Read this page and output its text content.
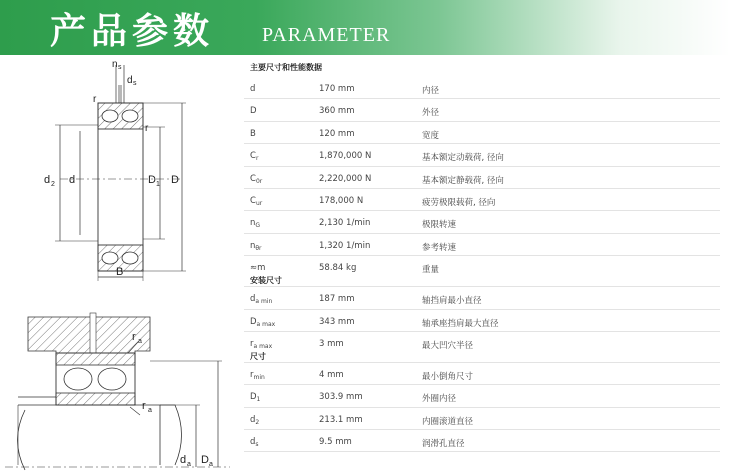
产品参数 PARAMETER
n s
d s
r
r
d 2 d	D 1 D
B
r a
r a
d a D a
主要尺寸和性能数据
d	170 mm	内径
D	360 mm	外径
B	120 mm	宽度
$C_r$	1,870,000 N	基本额定动载荷, 径向
$C_{0r}$	2,220,000 N	基本额定静载荷, 径向
$C_{ur}$	178,000 N	疲劳极限载荷, 径向
$n_G$	2,130 1/min	极限转速
$n_{\theta r}$	1,320 1/min	参考转速
≈m	58.84 kg	重量
安装尺寸
$d_{a min}$	187 mm	轴挡肩最小直径
$D_{a max}$	343 mm	轴承座挡肩最大直径
$r_{a max}$	3 mm	最大凹穴半径
尺寸
$r_{min}$	4 mm	最小倒角尺寸
$D_1$	303.9 mm	外圈内径
$d_2$	213.1 mm	内圈滚道直径
$d_s$	9.5 mm	润滑孔直径
